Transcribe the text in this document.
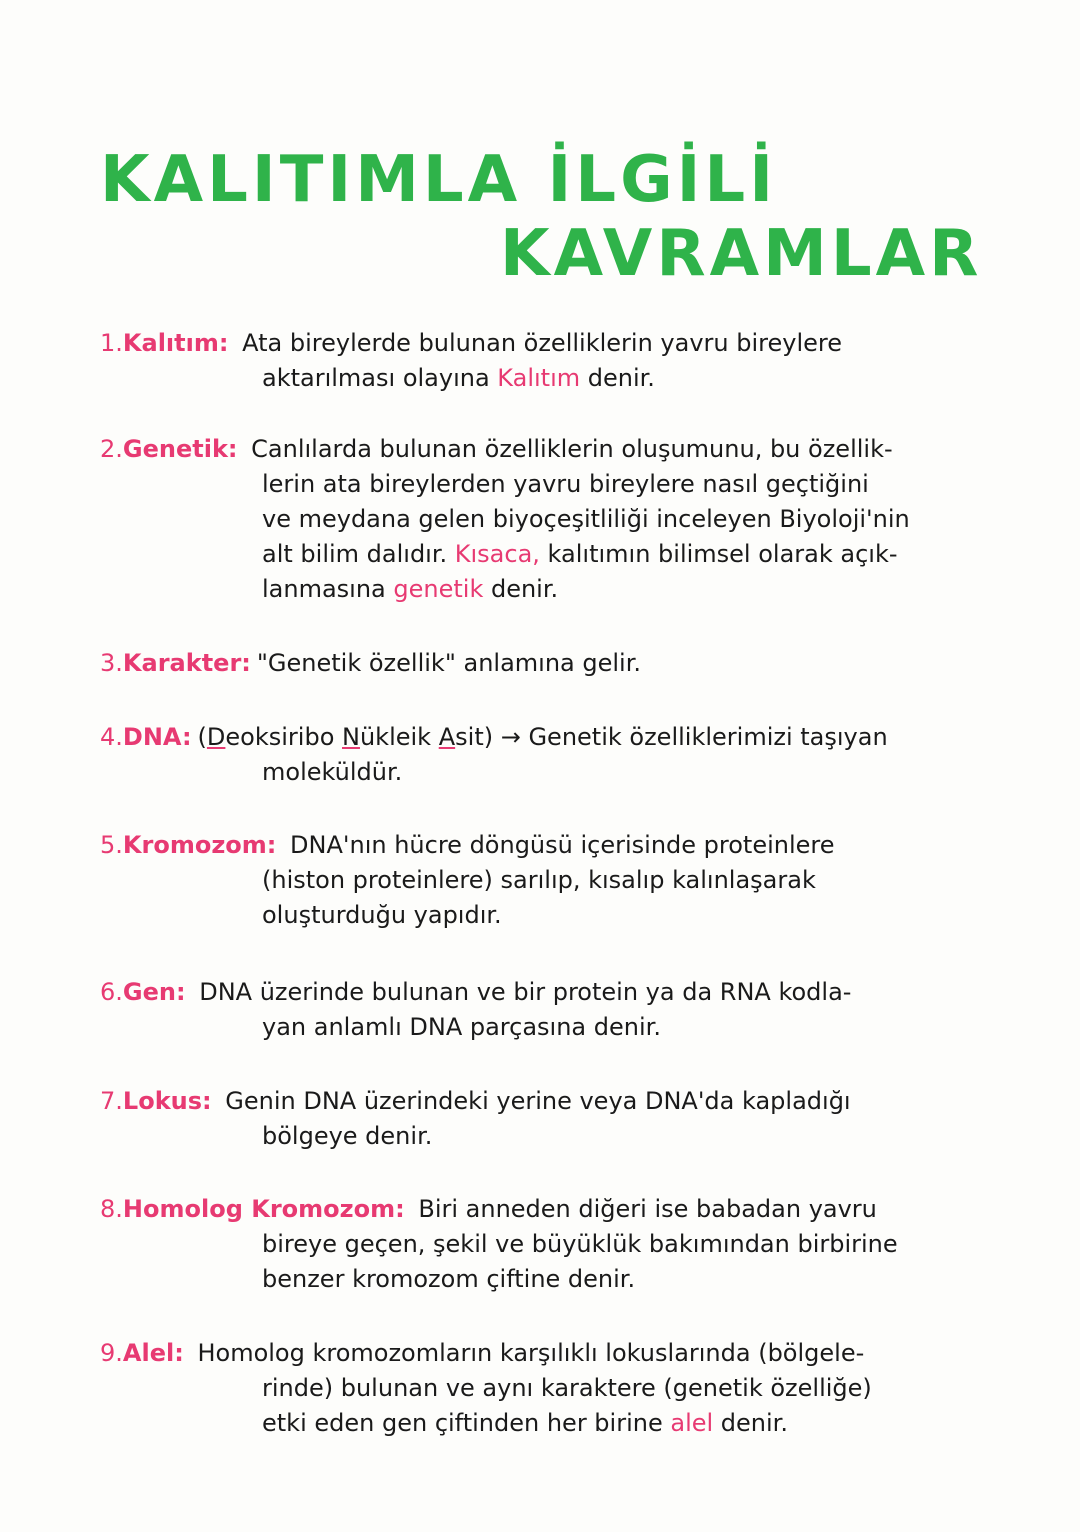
KALITIMLA İLGİLİ
KAVRAMLAR
1.Kalıtım: Ata bireylerde bulunan özelliklerin yavru bireylere
aktarılması olayına Kalıtım denir.
2.Genetik: Canlılarda bulunan özelliklerin oluşumunu, bu özellik-
lerin ata bireylerden yavru bireylere nasıl geçtiğini
ve meydana gelen biyoçeşitliliği inceleyen Biyoloji'nin
alt bilim dalıdır. Kısaca, kalıtımın bilimsel olarak açık-
lanmasına genetik denir.
3.Karakter: "Genetik özellik" anlamına gelir.
4.DNA: (Deoksiribo Nükleik Asit) → Genetik özelliklerimizi taşıyan
moleküldür.
5.Kromozom: DNA'nın hücre döngüsü içerisinde proteinlere
(histon proteinlere) sarılıp, kısalıp kalınlaşarak
oluşturduğu yapıdır.
6.Gen: DNA üzerinde bulunan ve bir protein ya da RNA kodla-
yan anlamlı DNA parçasına denir.
7.Lokus: Genin DNA üzerindeki yerine veya DNA'da kapladığı
bölgeye denir.
8.Homolog Kromozom: Biri anneden diğeri ise babadan yavru
bireye geçen, şekil ve büyüklük bakımından birbirine
benzer kromozom çiftine denir.
9.Alel: Homolog kromozomların karşılıklı lokuslarında (bölgele-
rinde) bulunan ve aynı karaktere (genetik özelliğe)
etki eden gen çiftinden her birine alel denir.
